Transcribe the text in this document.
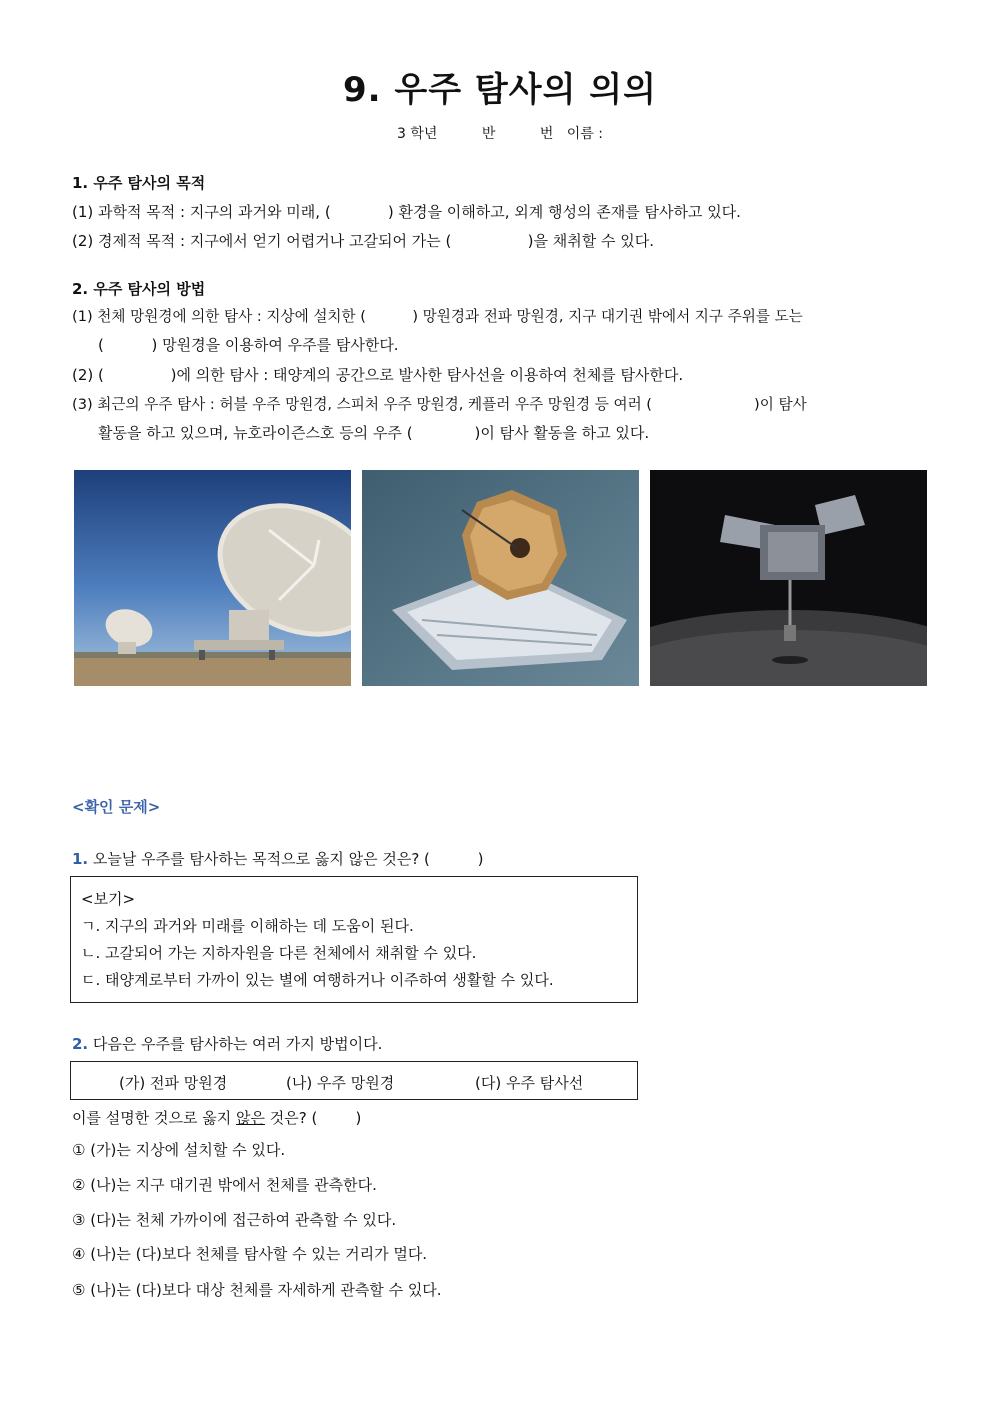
9. 우주 탐사의 의의
3 학년          반          번   이름 :
1. 우주 탐사의 목적
(1) 과학적 목적 : 지구의 과거와 미래, (            ) 환경을 이해하고, 외계 행성의 존재를 탐사하고 있다.
(2) 경제적 목적 : 지구에서 얻기 어렵거나 고갈되어 가는 (                )을 채취할 수 있다.
2. 우주 탐사의 방법
(1) 천체 망원경에 의한 탐사 : 지상에 설치한 (          ) 망원경과 전파 망원경, 지구 대기권 밖에서 지구 주위를 도는
(          ) 망원경을 이용하여 우주를 탐사한다.
(2) (              )에 의한 탐사 : 태양계의 공간으로 발사한 탐사선을 이용하여 천체를 탐사한다.
(3) 최근의 우주 탐사 : 허블 우주 망원경, 스피처 우주 망원경, 케플러 우주 망원경 등 여러 (                      )이 탐사
활동을 하고 있으며, 뉴호라이즌스호 등의 우주 (             )이 탐사 활동을 하고 있다.
<확인 문제>
1. 오늘날 우주를 탐사하는 목적으로 옳지 않은 것은? (          )
<보기>
ㄱ. 지구의 과거와 미래를 이해하는 데 도움이 된다.
ㄴ. 고갈되어 가는 지하자원을 다른 천체에서 채취할 수 있다.
ㄷ. 태양계로부터 가까이 있는 별에 여행하거나 이주하여 생활할 수 있다.
2. 다음은 우주를 탐사하는 여러 가지 방법이다.
(가) 전파 망원경	(나) 우주 망원경	(다) 우주 탐사선
이를 설명한 것으로 옳지 않은 것은? (        )
① (가)는 지상에 설치할 수 있다.
② (나)는 지구 대기권 밖에서 천체를 관측한다.
③ (다)는 천체 가까이에 접근하여 관측할 수 있다.
④ (나)는 (다)보다 천체를 탐사할 수 있는 거리가 멀다.
⑤ (나)는 (다)보다 대상 천체를 자세하게 관측할 수 있다.
